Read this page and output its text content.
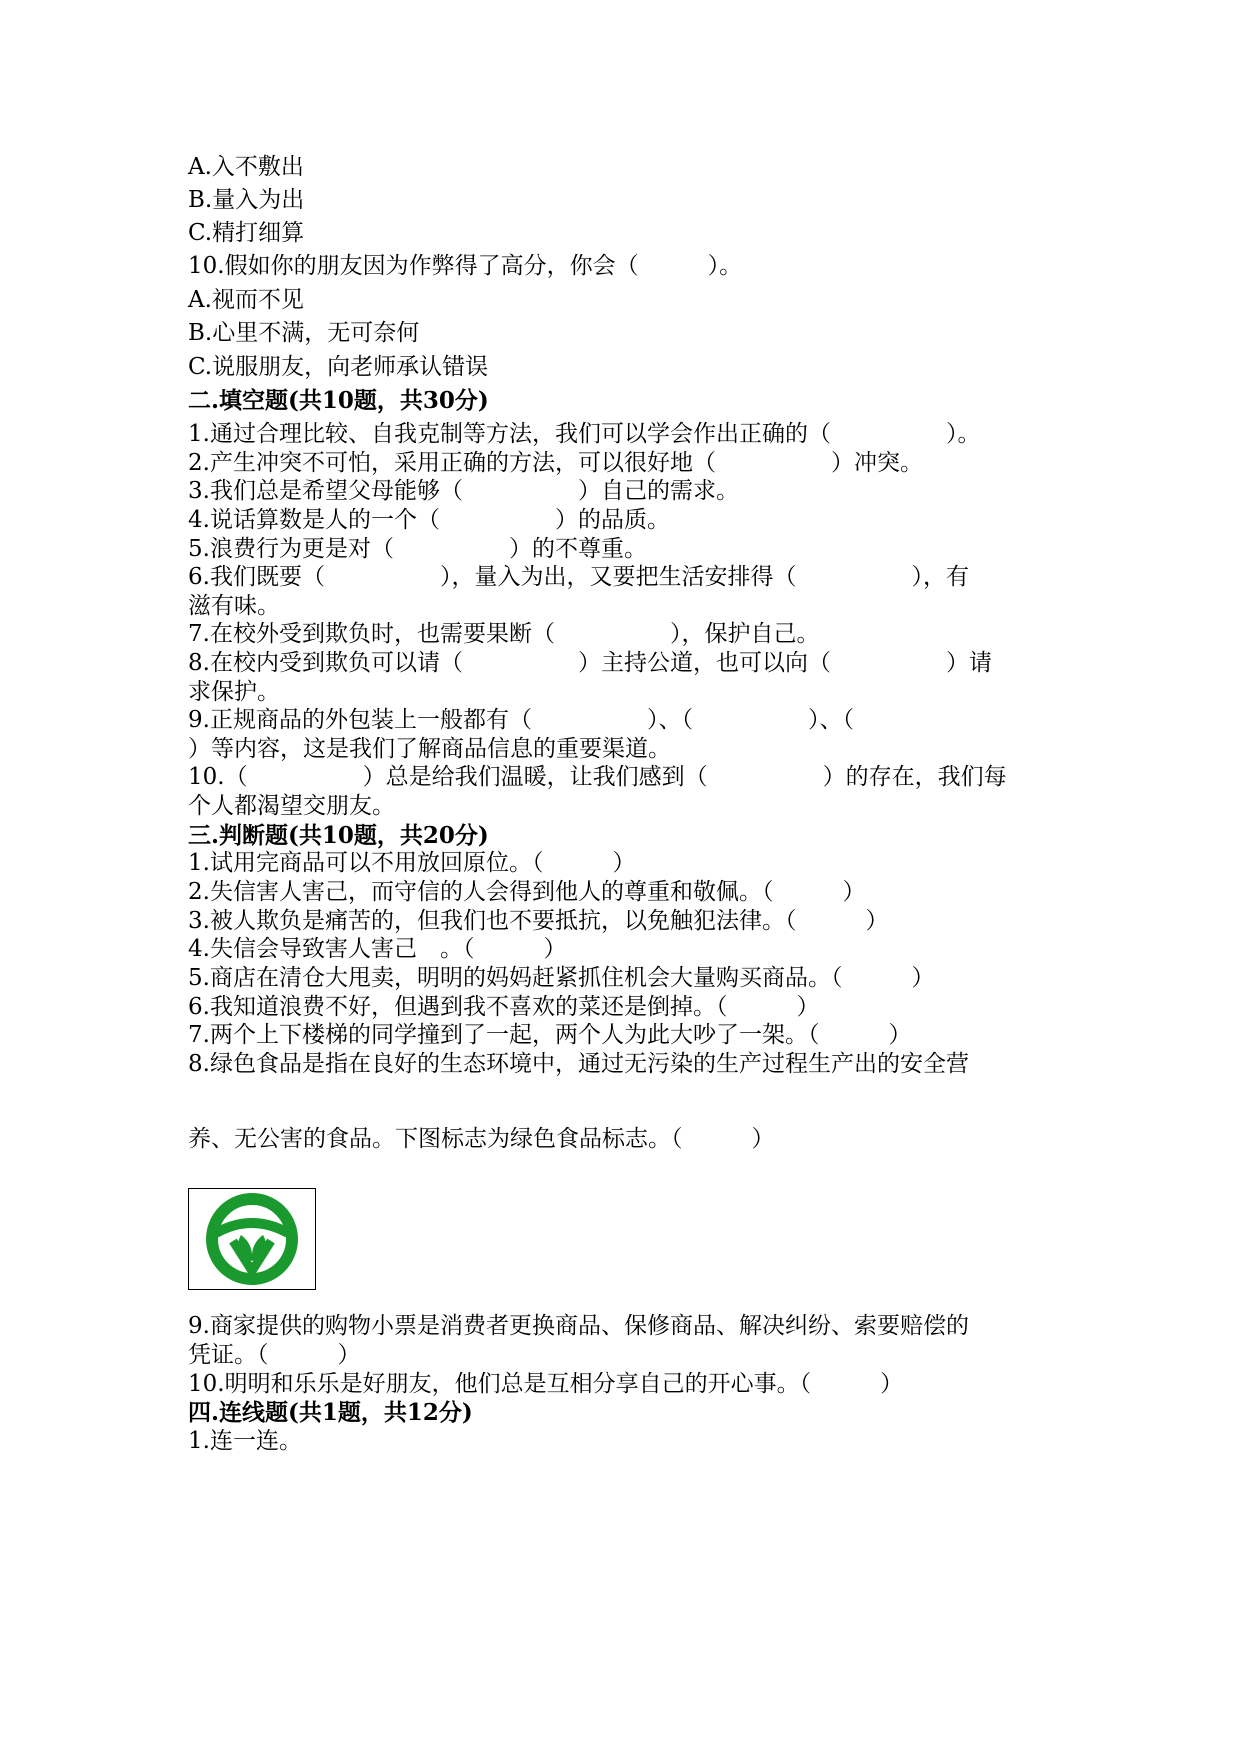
A.入不敷出
B.量入为出
C.精打细算
10.假如你的朋友因为作弊得了高分，你会（　　　）。
A.视而不见
B.心里不满，无可奈何
C.说服朋友，向老师承认错误
二.填空题(共10题，共30分)
1.通过合理比较、自我克制等方法，我们可以学会作出正确的（　　　　　）。
2.产生冲突不可怕，采用正确的方法，可以很好地（　　　　　）冲突。
3.我们总是希望父母能够（　　　　　）自己的需求。
4.说话算数是人的一个（　　　　　）的品质。
5.浪费行为更是对（　　　　　）的不尊重。
6.我们既要（　　　　　），量入为出，又要把生活安排得（　　　　　），有
滋有味。
7.在校外受到欺负时，也需要果断（　　　　　），保护自己。
8.在校内受到欺负可以请（　　　　　）主持公道，也可以向（　　　　　）请
求保护。
9.正规商品的外包装上一般都有（　　　　　）、（　　　　　）、（
）等内容，这是我们了解商品信息的重要渠道。
10.（　　　　　）总是给我们温暖，让我们感到（　　　　　）的存在，我们每
个人都渴望交朋友。
三.判断题(共10题，共20分)
1.试用完商品可以不用放回原位。（　　　）
2.失信害人害己，而守信的人会得到他人的尊重和敬佩。（　　　）
3.被人欺负是痛苦的，但我们也不要抵抗，以免触犯法律。（　　　）
4.失信会导致害人害己　。（　　　）
5.商店在清仓大甩卖，明明的妈妈赶紧抓住机会大量购买商品。（　　　）
6.我知道浪费不好，但遇到我不喜欢的菜还是倒掉。（　　　）
7.两个上下楼梯的同学撞到了一起，两个人为此大吵了一架。（　　　）
8.绿色食品是指在良好的生态环境中，通过无污染的生产过程生产出的安全营
养、无公害的食品。下图标志为绿色食品标志。（　　　）
9.商家提供的购物小票是消费者更换商品、保修商品、解决纠纷、索要赔偿的
凭证。（　　　）
10.明明和乐乐是好朋友，他们总是互相分享自己的开心事。（　　　）
四.连线题(共1题，共12分)
1.连一连。
